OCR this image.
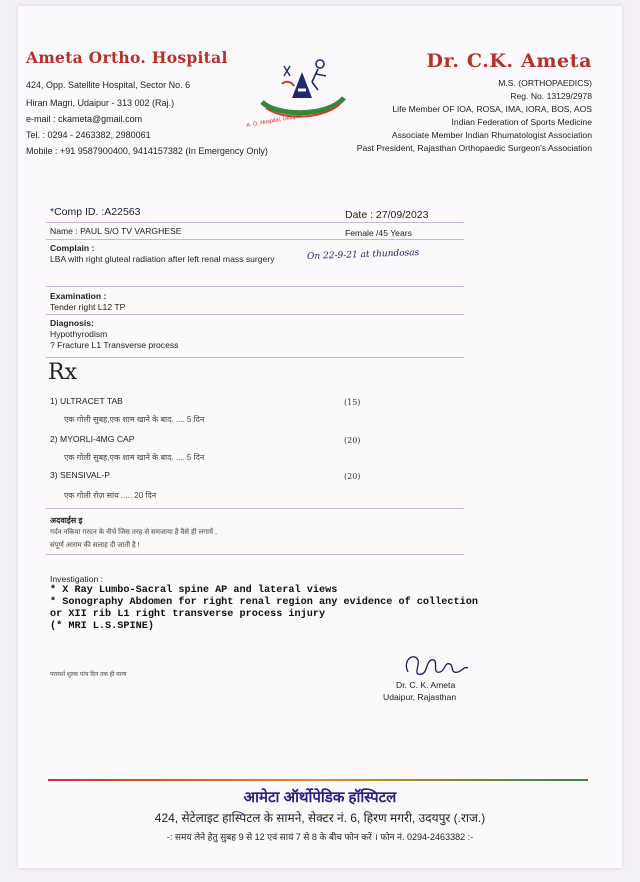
Ameta Ortho. Hospital
424, Opp. Satellite Hospital, Sector No. 6
Hiran Magri, Udaipur - 313 002 (Raj.)
e-mail : ckameta@gmail.com
Tel. : 0294 - 2463382, 2980061
Mobile : +91 9587900400, 9414157382 (In Emergency Only)
A. O. Hospital, Udaipur
Dr. C.K. Ameta
M.S. (ORTHOPAEDICS)
Reg. No. 13129/2978
Life Member OF IOA, ROSA, IMA, IORA, BOS, AOS
Indian Federation of Sports Medicine
Associate Member Indian Rhumatologist Association
Past President, Rajasthan Orthopaedic Surgeon's Association
*Comp ID. :A22563	Date : 27/09/2023
Name : PAUL S/O TV VARGHESE	Female /45 Years
Complain :
LBA with right gluteal radiation after left renal mass surgery	On 22-9-21 at thundosas
Examination :
Tender right L12 TP
Diagnosis:
Hypothyrodism
? Fracture L1 Transverse process
Rx
1) ULTRACET TAB	(15)
एक गोली सुबह,एक शाम खाने के बाद. .... 5 दिन
2) MYORLI-4MG CAP	(20)
एक गोली सुबह,एक शाम खाने के बाद. .... 5 दिन
3) SENSIVAL-P	(20)
एक गोली रोज़ सांय ..... 20 दिन
अदवाईस इ
गर्दन नकिया गरदन के नीचे जिस तरह से समजाया है वैसे ही लगायें ,
संपूर्ण आराम की सलाह दी जाती है !
Investigation :
* X Ray Lumbo-Sacral spine AP and lateral views
* Sonography Abdomen for right renal region any evidence of collection
or XII rib L1 right transverse process injury
(* MRI L.S.SPINE)
परामर्श शुल्क पांच दिन तक ही मान्य
Dr. C. K. Ameta
Udaipur, Rajasthan
आमेटा ऑर्थोपेडिक हॉस्पिटल
424, सेटेलाइट हास्पिटल के सामने, सेक्टर नं. 6, हिरण मगरी, उदयपुर (.राज.)
-: समय लेने हेतु सुबह 9 से 12 एवं सायं 7 से 8 के बीच फोन करें । फोन नं. 0294-2463382 :-
